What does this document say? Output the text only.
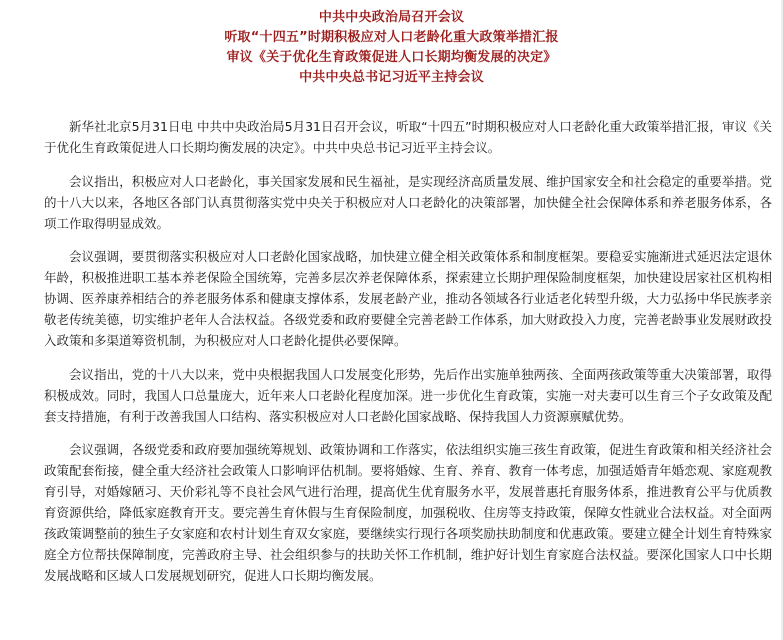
中共中央政治局召开会议
听取“十四五”时期积极应对人口老龄化重大政策举措汇报
审议《关于优化生育政策促进人口长期均衡发展的决定》
中共中央总书记习近平主持会议

新华社北京5月31日电 中共中央政治局5月31日召开会议，听取“十四五”时期积极应对人口老龄化重大政策举措汇报，审议《关于优化生育政策促进人口长期均衡发展的决定》。中共中央总书记习近平主持会议。

会议指出，积极应对人口老龄化，事关国家发展和民生福祉，是实现经济高质量发展、维护国家安全和社会稳定的重要举措。党的十八大以来，各地区各部门认真贯彻落实党中央关于积极应对人口老龄化的决策部署，加快健全社会保障体系和养老服务体系，各项工作取得明显成效。

会议强调，要贯彻落实积极应对人口老龄化国家战略，加快建立健全相关政策体系和制度框架。要稳妥实施渐进式延迟法定退休年龄，积极推进职工基本养老保险全国统筹，完善多层次养老保障体系，探索建立长期护理保险制度框架，加快建设居家社区机构相协调、医养康养相结合的养老服务体系和健康支撑体系，发展老龄产业，推动各领域各行业适老化转型升级，大力弘扬中华民族孝亲敬老传统美德，切实维护老年人合法权益。各级党委和政府要健全完善老龄工作体系，加大财政投入力度，完善老龄事业发展财政投入政策和多渠道筹资机制，为积极应对人口老龄化提供必要保障。

会议指出，党的十八大以来，党中央根据我国人口发展变化形势，先后作出实施单独两孩、全面两孩政策等重大决策部署，取得积极成效。同时，我国人口总量庞大，近年来人口老龄化程度加深。进一步优化生育政策，实施一对夫妻可以生育三个子女政策及配套支持措施，有利于改善我国人口结构、落实积极应对人口老龄化国家战略、保持我国人力资源禀赋优势。

会议强调，各级党委和政府要加强统筹规划、政策协调和工作落实，依法组织实施三孩生育政策，促进生育政策和相关经济社会政策配套衔接，健全重大经济社会政策人口影响评估机制。要将婚嫁、生育、养育、教育一体考虑，加强适婚青年婚恋观、家庭观教育引导，对婚嫁陋习、天价彩礼等不良社会风气进行治理，提高优生优育服务水平，发展普惠托育服务体系，推进教育公平与优质教育资源供给，降低家庭教育开支。要完善生育休假与生育保险制度，加强税收、住房等支持政策，保障女性就业合法权益。对全面两孩政策调整前的独生子女家庭和农村计划生育双女家庭，要继续实行现行各项奖励扶助制度和优惠政策。要建立健全计划生育特殊家庭全方位帮扶保障制度，完善政府主导、社会组织参与的扶助关怀工作机制，维护好计划生育家庭合法权益。要深化国家人口中长期发展战略和区域人口发展规划研究，促进人口长期均衡发展。
